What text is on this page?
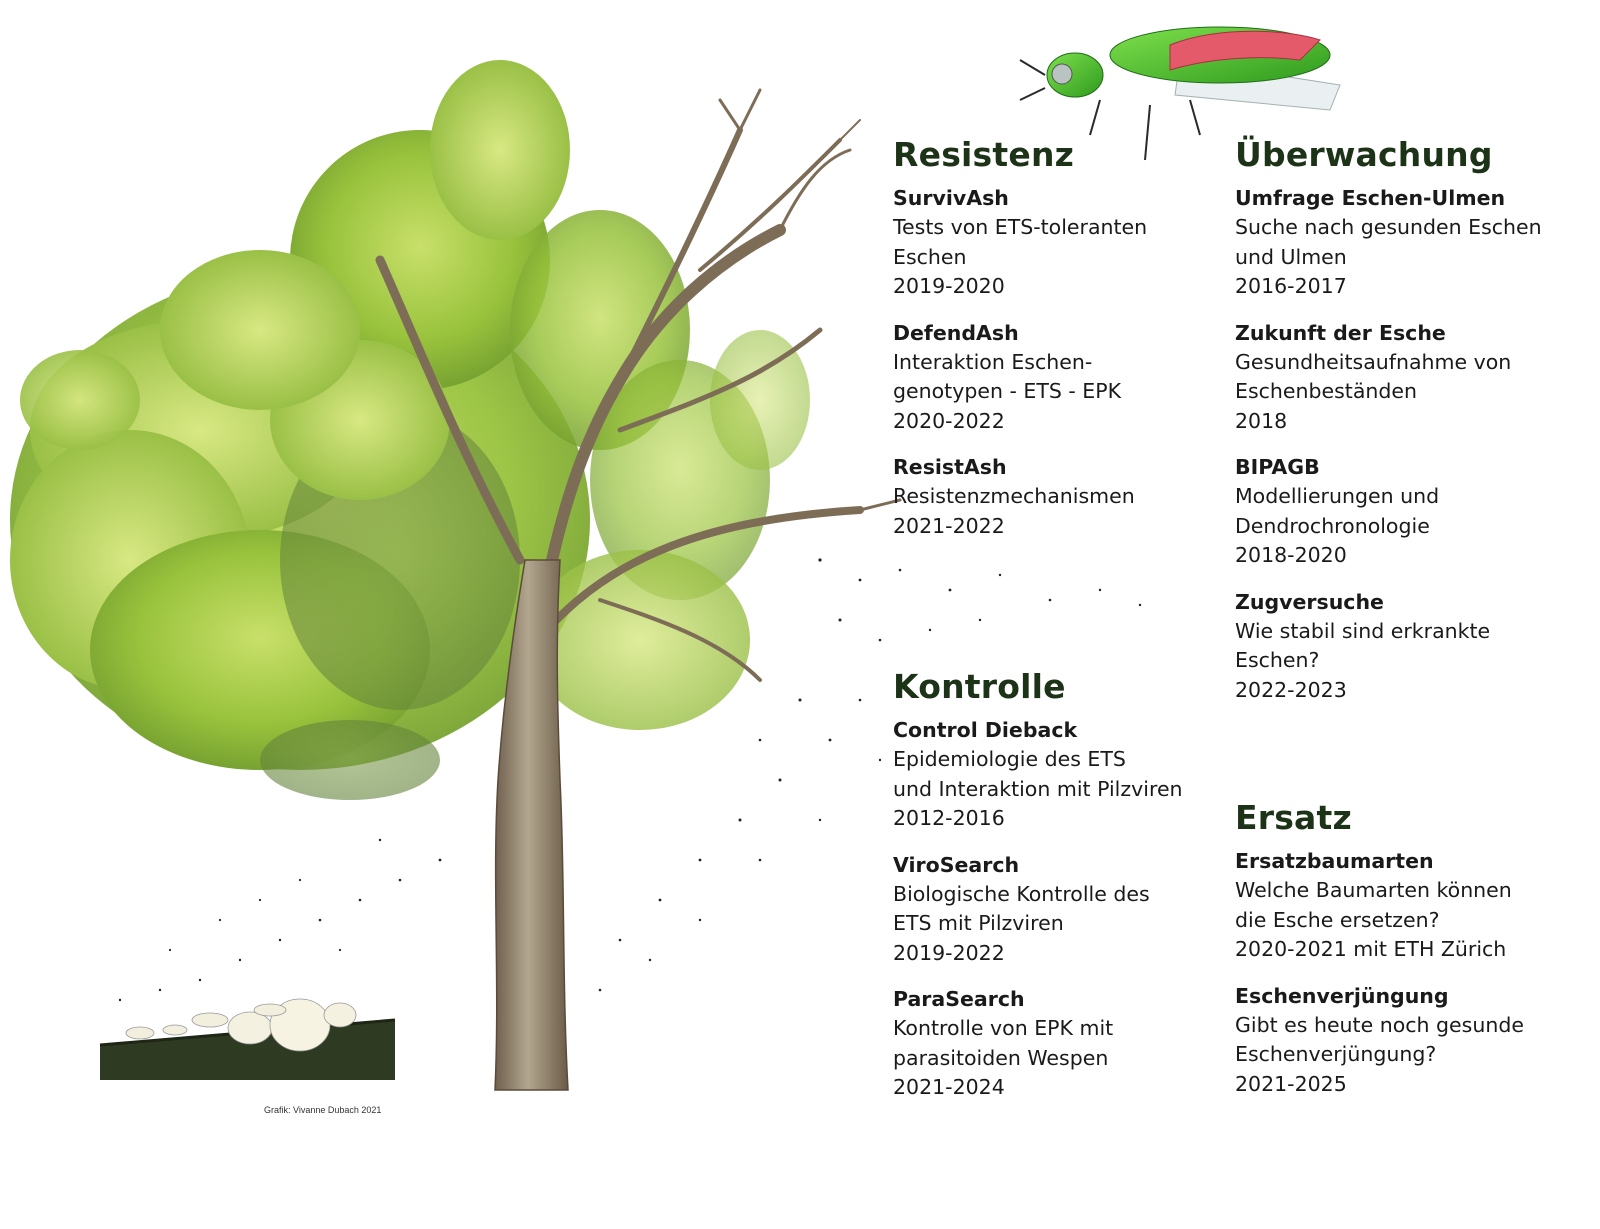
Grafik: Vivanne Dubach 2021
Resistenz
SurvivAsh
Tests von ETS-toleranten
Eschen
2019-2020
DefendAsh
Interaktion Eschen-
genotypen - ETS - EPK
2020-2022
ResistAsh
Resistenzmechanismen
2021-2022
Überwachung
Umfrage Eschen-Ulmen
Suche nach gesunden Eschen
und Ulmen
2016-2017
Zukunft der Esche
Gesundheitsaufnahme von
Eschenbeständen
2018
BIPAGB
Modellierungen und
Dendrochronologie
2018-2020
Zugversuche
Wie stabil sind erkrankte
Eschen?
2022-2023
Kontrolle
Control Dieback
Epidemiologie des ETS
und Interaktion mit Pilzviren
2012-2016
ViroSearch
Biologische Kontrolle des
ETS mit Pilzviren
2019-2022
ParaSearch
Kontrolle von EPK mit
parasitoiden Wespen
2021-2024
Ersatz
Ersatzbaumarten
Welche Baumarten können
die Esche ersetzen?
2020-2021 mit ETH Zürich
Eschenverjüngung
Gibt es heute noch gesunde
Eschenverjüngung?
2021-2025
